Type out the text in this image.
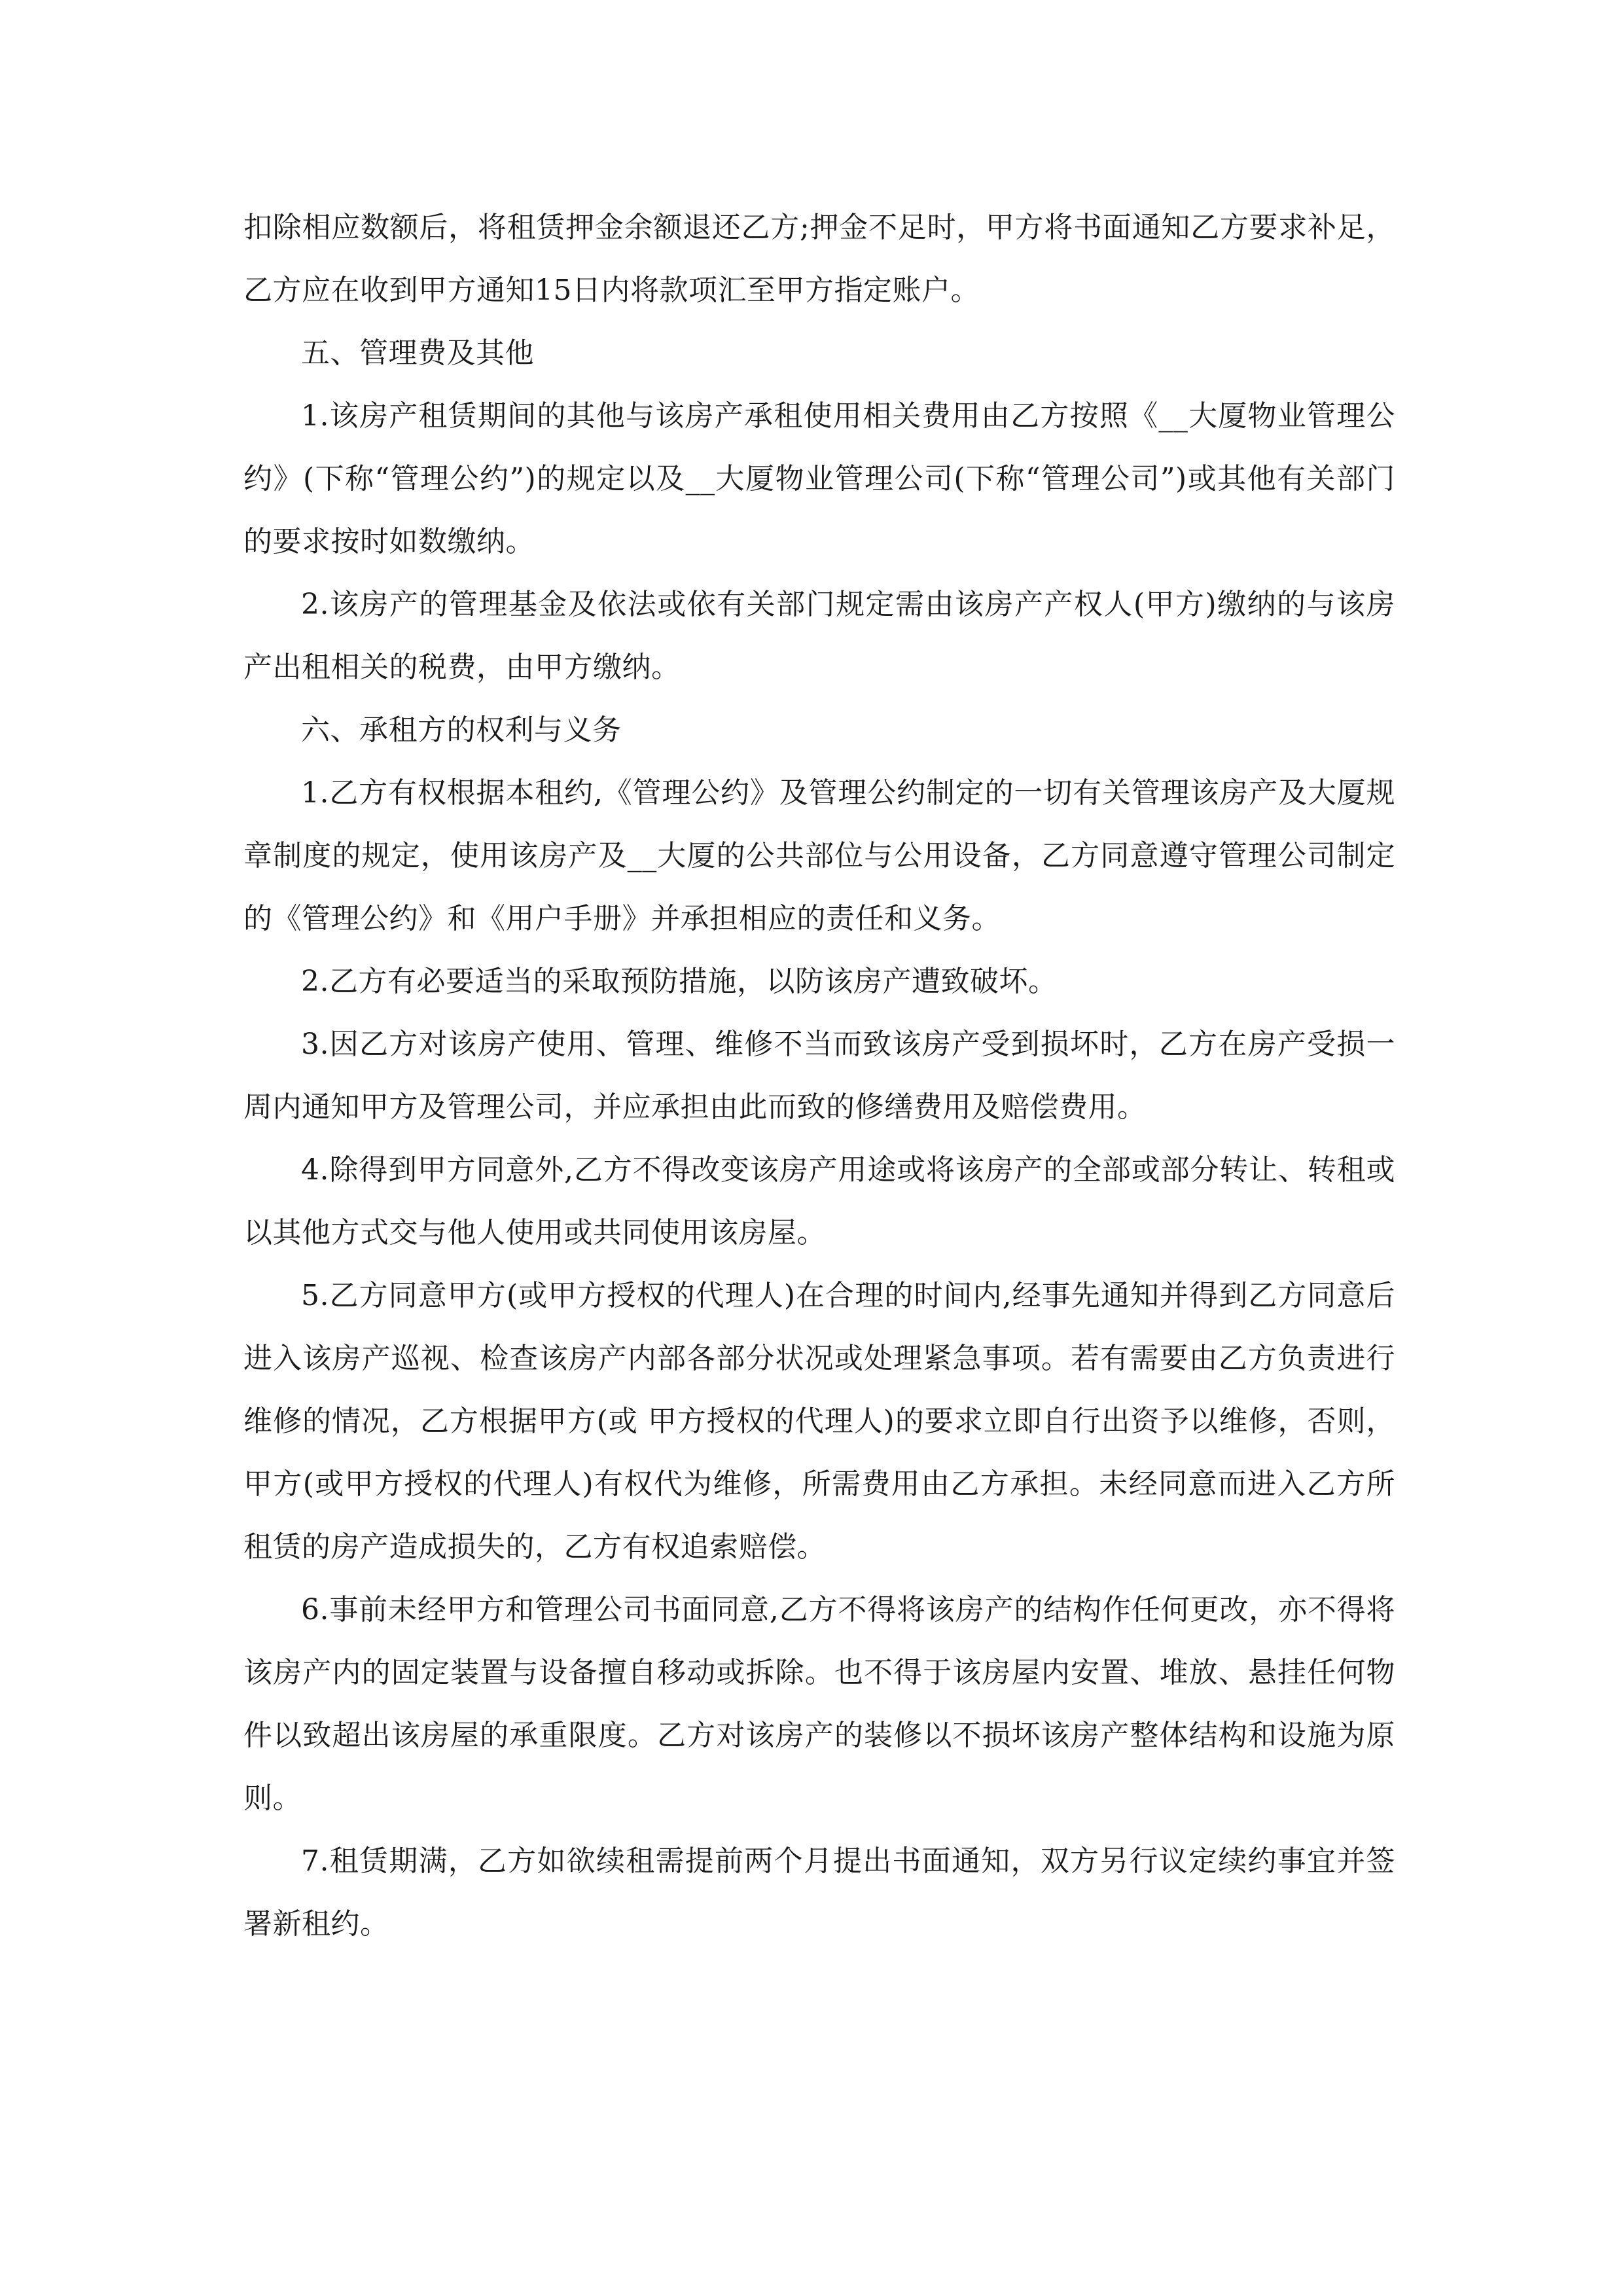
扣除相应数额后，将租赁押金余额退还乙方;押金不足时，甲方将书面通知乙方要求补足，乙方应在收到甲方通知15日内将款项汇至甲方指定账户。

五、管理费及其他

1.该房产租赁期间的其他与该房产承租使用相关费用由乙方按照《__大厦物业管理公约》(下称“管理公约”)的规定以及__大厦物业管理公司(下称“管理公司”)或其他有关部门的要求按时如数缴纳。

2.该房产的管理基金及依法或依有关部门规定需由该房产产权人(甲方)缴纳的与该房产出租相关的税费，由甲方缴纳。

六、承租方的权利与义务

1.乙方有权根据本租约,《管理公约》及管理公约制定的一切有关管理该房产及大厦规章制度的规定，使用该房产及__大厦的公共部位与公用设备，乙方同意遵守管理公司制定的《管理公约》和《用户手册》并承担相应的责任和义务。

2.乙方有必要适当的采取预防措施，以防该房产遭致破坏。

3.因乙方对该房产使用、管理、维修不当而致该房产受到损坏时，乙方在房产受损一周内通知甲方及管理公司，并应承担由此而致的修缮费用及赔偿费用。

4.除得到甲方同意外,乙方不得改变该房产用途或将该房产的全部或部分转让、转租或以其他方式交与他人使用或共同使用该房屋。

5.乙方同意甲方(或甲方授权的代理人)在合理的时间内,经事先通知并得到乙方同意后进入该房产巡视、检查该房产内部各部分状况或处理紧急事项。若有需要由乙方负责进行维修的情况，乙方根据甲方(或 甲方授权的代理人)的要求立即自行出资予以维修，否则，甲方(或甲方授权的代理人)有权代为维修，所需费用由乙方承担。未经同意而进入乙方所租赁的房产造成损失的，乙方有权追索赔偿。

6.事前未经甲方和管理公司书面同意,乙方不得将该房产的结构作任何更改，亦不得将该房产内的固定装置与设备擅自移动或拆除。也不得于该房屋内安置、堆放、悬挂任何物件以致超出该房屋的承重限度。乙方对该房产的装修以不损坏该房产整体结构和设施为原则。

7.租赁期满，乙方如欲续租需提前两个月提出书面通知，双方另行议定续约事宜并签署新租约。
